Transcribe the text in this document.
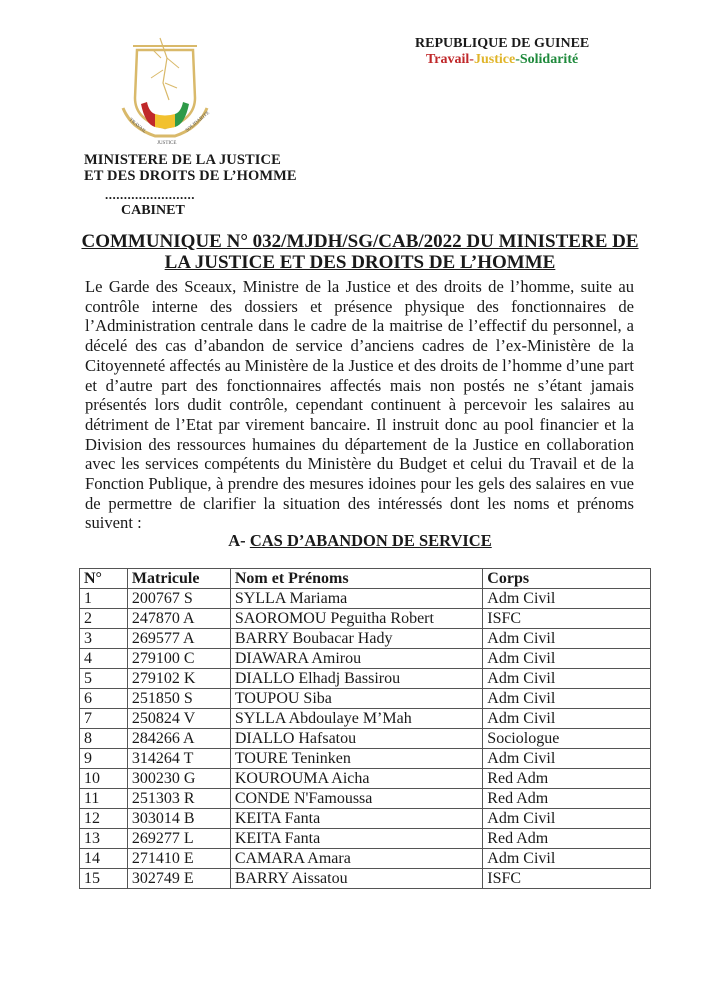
TRAVAIL
JUSTICE
SOLIDARITE
MINISTERE DE LA JUSTICE
ET DES DROITS DE L’HOMME
........................
CABINET
REPUBLIQUE DE GUINEE
Travail-Justice-Solidarité
COMMUNIQUE N° 032/MJDH/SG/CAB/2022 DU MINISTERE DE
LA JUSTICE ET DES DROITS DE L’HOMME
Le Garde des Sceaux, Ministre de la Justice et des droits de l’homme, suite au contrôle interne des dossiers et présence physique des fonctionnaires de l’Administration centrale dans le cadre de la maitrise de l’effectif du personnel, a décelé des cas d’abandon de service d’anciens cadres de l’ex-Ministère de la Citoyenneté affectés au Ministère de la Justice et des droits de l’homme d’une part et d’autre part des fonctionnaires affectés mais non postés ne s’étant jamais présentés lors dudit contrôle, cependant continuent à percevoir les salaires au détriment de l’Etat par virement bancaire. Il instruit donc au pool financier et la Division des ressources humaines du département de la Justice en collaboration avec les services compétents du Ministère du Budget et celui du Travail et de la Fonction Publique, à prendre des mesures idoines pour les gels des salaires en vue de permettre de clarifier la situation des intéressés dont les noms et prénoms suivent :
A- CAS D’ABANDON DE SERVICE
N°	Matricule	Nom et Prénoms	Corps
1	200767 S	SYLLA Mariama	Adm Civil
2	247870 A	SAOROMOU Peguitha Robert	ISFC
3	269577 A	BARRY Boubacar Hady	Adm Civil
4	279100 C	DIAWARA Amirou	Adm Civil
5	279102 K	DIALLO Elhadj Bassirou	Adm Civil
6	251850 S	TOUPOU Siba	Adm Civil
7	250824 V	SYLLA Abdoulaye M’Mah	Adm Civil
8	284266 A	DIALLO Hafsatou	Sociologue
9	314264 T	TOURE Teninken	Adm Civil
10	300230 G	KOUROUMA Aicha	Red Adm
11	251303 R	CONDE N'Famoussa	Red Adm
12	303014 B	KEITA Fanta	Adm Civil
13	269277 L	KEITA Fanta	Red Adm
14	271410 E	CAMARA Amara	Adm Civil
15	302749 E	BARRY Aissatou	ISFC
